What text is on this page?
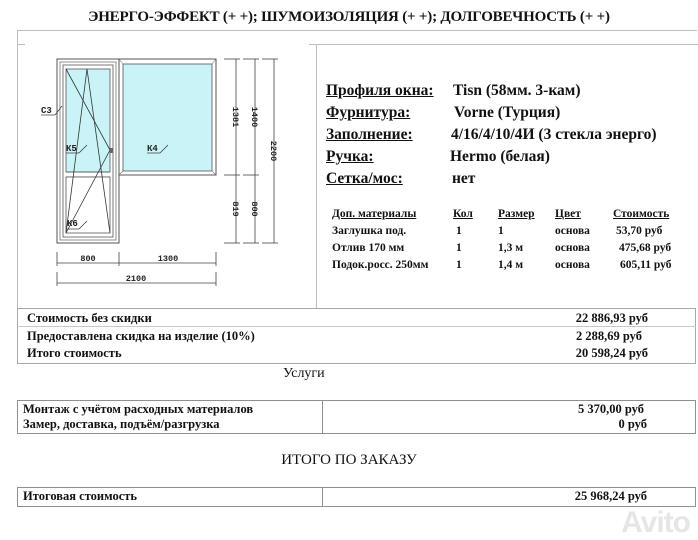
ЭНЕРГО-ЭФФЕКТ (+ +); ШУМОИЗОЛЯЦИЯ (+ +); ДОЛГОВЕЧНОСТЬ (+ +)
С3
К5	К4
К6
1381
819
1400
800
2200
800	1300
2100
Профиля окна: Tisn (58мм. 3-кам)
Фурнитура:	Vorne (Турция)
Заполнение: 4/16/4/10/4И (3 стекла энерго)
Ручка:	Hermo (белая)
Сетка/мос:	нет
Доп. материалы	Кол Размер Цвет	Стоимость
Заглушка под.	1	1	основа 53,70 руб
Отлив 170 мм	1	1,3 м	основа	475,68 руб
Подок.росс. 250мм 1	1,4 м	основа	605,11 руб
Стоимость без скидки	22 886,93 руб
Предоставлена скидка на изделие (10%)	2 288,69 руб
Итого стоимость	20 598,24 руб
Услуги
Монтаж с учётом расходных материалов	5 370,00 руб
Замер, доставка, подъём/разгрузка	0 руб
ИТОГО ПО ЗАКАЗУ
Итоговая стоимость	25 968,24 руб
Avito
